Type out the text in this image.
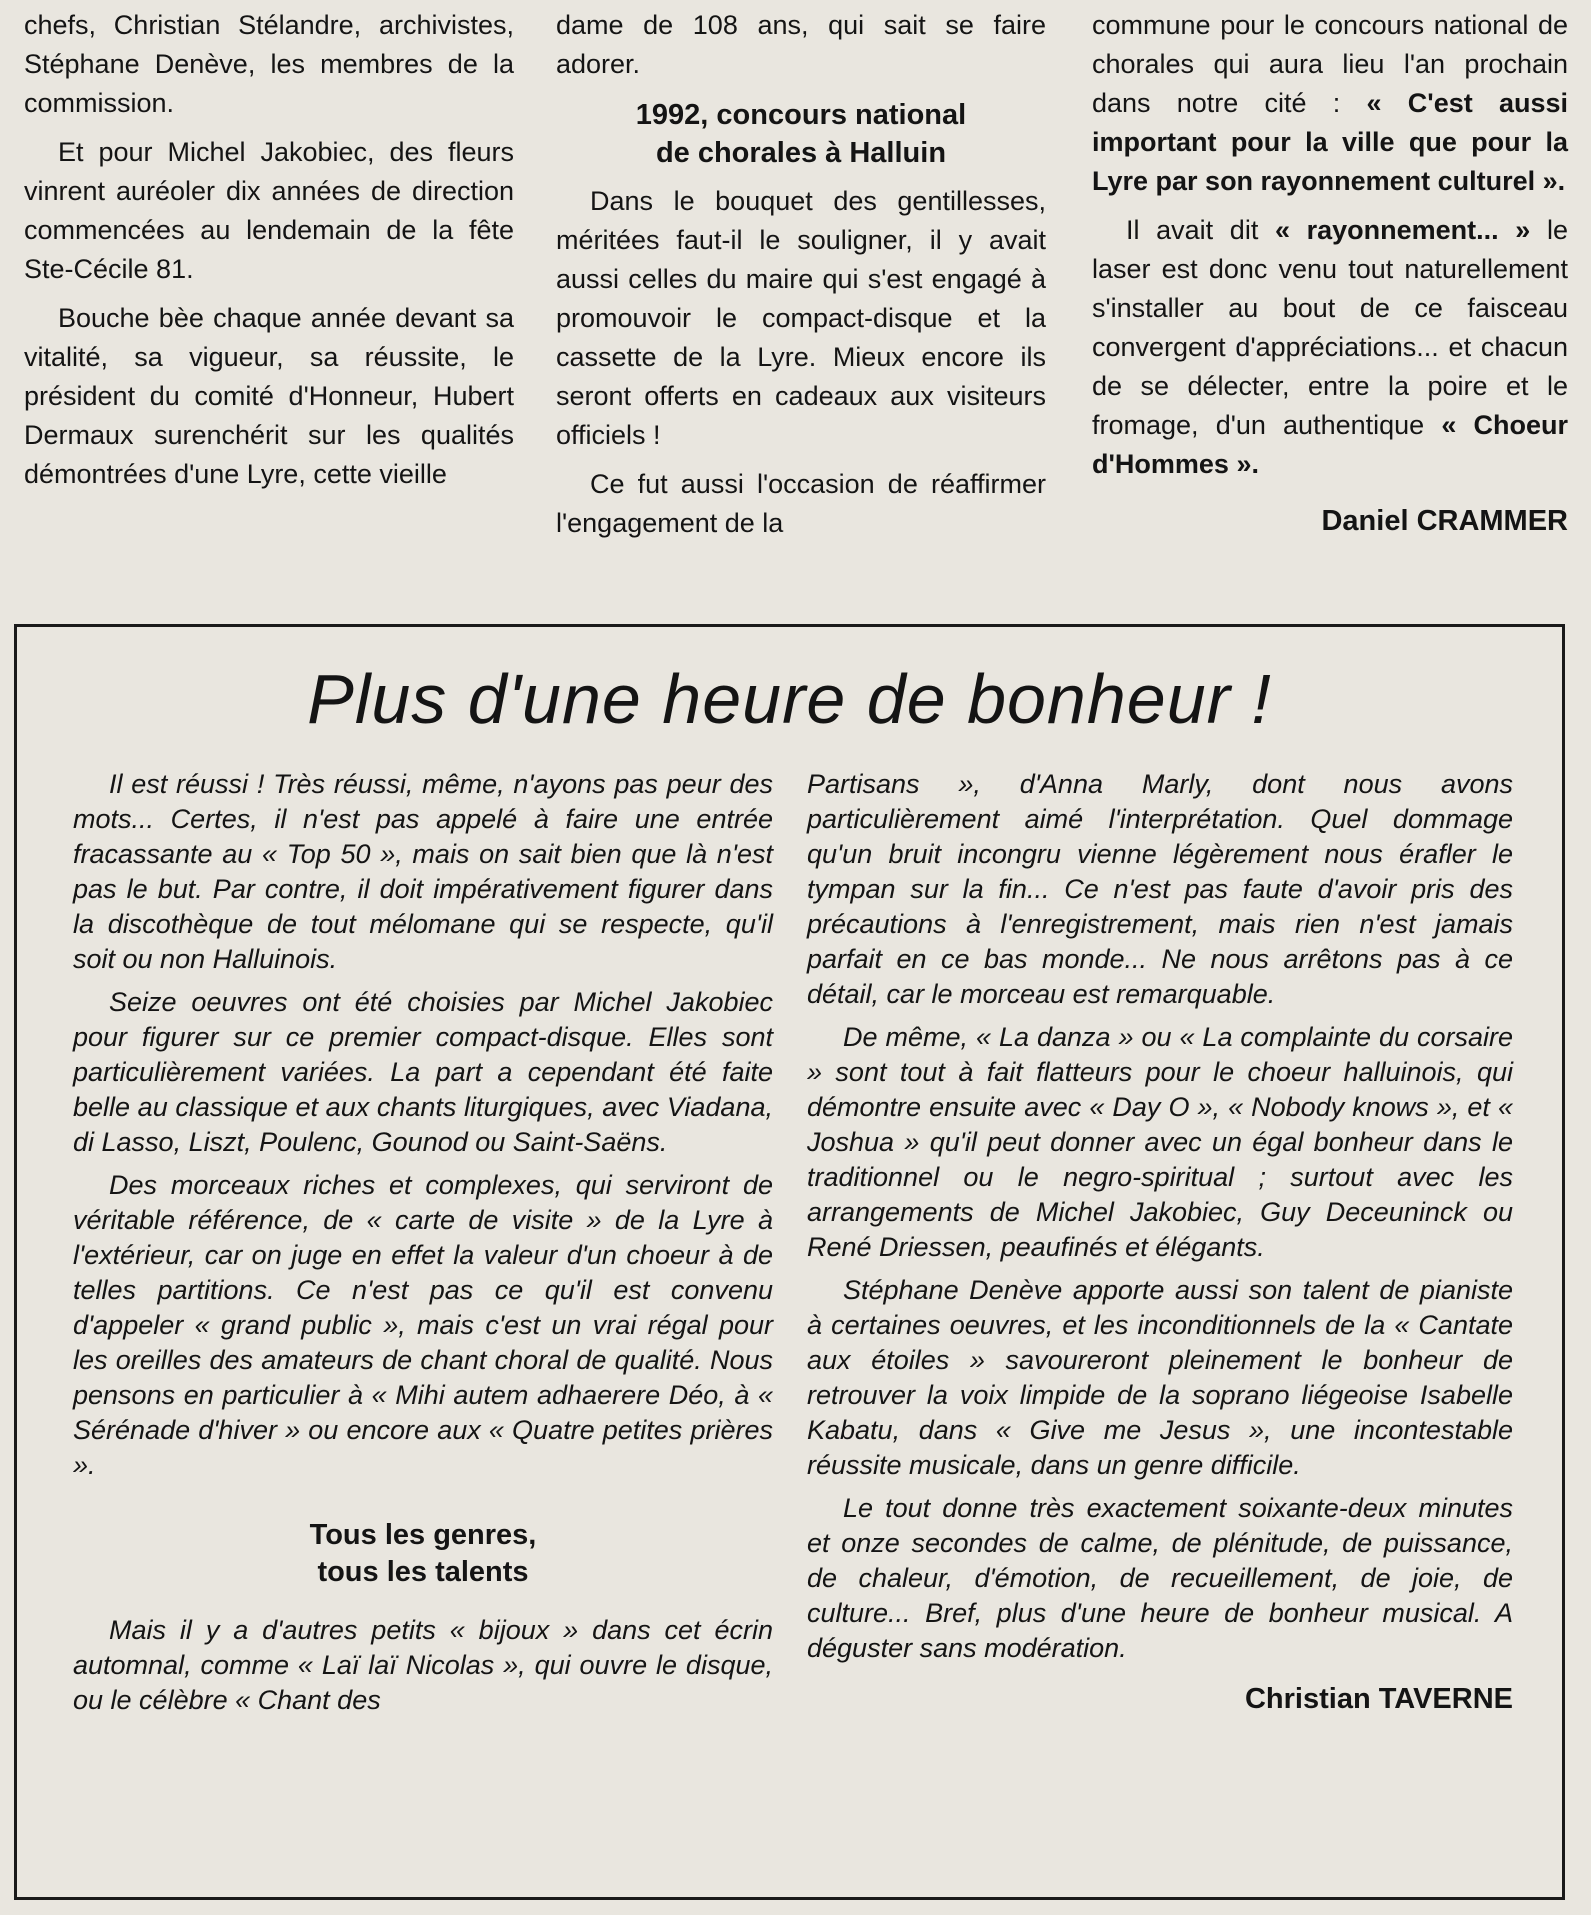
chefs, Christian Stélandre, archivistes, Stéphane Denève, les membres de la commission.

Et pour Michel Jakobiec, des fleurs vinrent auréoler dix années de direction commencées au lendemain de la fête Ste-Cécile 81.

Bouche bèe chaque année devant sa vitalité, sa vigueur, sa réussite, le président du comité d'Honneur, Hubert Dermaux surenchérit sur les qualités démontrées d'une Lyre, cette vieille

dame de 108 ans, qui sait se faire adorer.

1992, concours national
de chorales à Halluin

Dans le bouquet des gentillesses, méritées faut-il le souligner, il y avait aussi celles du maire qui s'est engagé à promouvoir le compact-disque et la cassette de la Lyre. Mieux encore ils seront offerts en cadeaux aux visiteurs officiels !

Ce fut aussi l'occasion de réaffirmer l'engagement de la

commune pour le concours national de chorales qui aura lieu l'an prochain dans notre cité : « C'est aussi important pour la ville que pour la Lyre par son rayonnement culturel ».

Il avait dit « rayonnement... » le laser est donc venu tout naturellement s'installer au bout de ce faisceau convergent d'appréciations... et chacun de se délecter, entre la poire et le fromage, d'un authentique « Choeur d'Hommes ».

Daniel CRAMMER
Plus d'une heure de bonheur !

Il est réussi ! Très réussi, même, n'ayons pas peur des mots... Certes, il n'est pas appelé à faire une entrée fracassante au « Top 50 », mais on sait bien que là n'est pas le but. Par contre, il doit impérativement figurer dans la discothèque de tout mélomane qui se respecte, qu'il soit ou non Halluinois.

Seize oeuvres ont été choisies par Michel Jakobiec pour figurer sur ce premier compact-disque. Elles sont particulièrement variées. La part a cependant été faite belle au classique et aux chants liturgiques, avec Viadana, di Lasso, Liszt, Poulenc, Gounod ou Saint-Saëns.

Des morceaux riches et complexes, qui serviront de véritable référence, de « carte de visite » de la Lyre à l'extérieur, car on juge en effet la valeur d'un choeur à de telles partitions. Ce n'est pas ce qu'il est convenu d'appeler « grand public », mais c'est un vrai régal pour les oreilles des amateurs de chant choral de qualité. Nous pensons en particulier à « Mihi autem adhaerere Déo, à « Sérénade d'hiver » ou encore aux « Quatre petites prières ».

Tous les genres,
tous les talents

Mais il y a d'autres petits « bijoux » dans cet écrin automnal, comme « Laï laï Nicolas », qui ouvre le disque, ou le célèbre « Chant des

Partisans », d'Anna Marly, dont nous avons particulièrement aimé l'interprétation. Quel dommage qu'un bruit incongru vienne légèrement nous érafler le tympan sur la fin... Ce n'est pas faute d'avoir pris des précautions à l'enregistrement, mais rien n'est jamais parfait en ce bas monde... Ne nous arrêtons pas à ce détail, car le morceau est remarquable.

De même, « La danza » ou « La complainte du corsaire » sont tout à fait flatteurs pour le choeur halluinois, qui démontre ensuite avec « Day O », « Nobody knows », et « Joshua » qu'il peut donner avec un égal bonheur dans le traditionnel ou le negro-spiritual ; surtout avec les arrangements de Michel Jakobiec, Guy Deceuninck ou René Driessen, peaufinés et élégants.

Stéphane Denève apporte aussi son talent de pianiste à certaines oeuvres, et les inconditionnels de la « Cantate aux étoiles » savoureront pleinement le bonheur de retrouver la voix limpide de la soprano liégeoise Isabelle Kabatu, dans « Give me Jesus », une incontestable réussite musicale, dans un genre difficile.

Le tout donne très exactement soixante-deux minutes et onze secondes de calme, de plénitude, de puissance, de chaleur, d'émotion, de recueillement, de joie, de culture... Bref, plus d'une heure de bonheur musical. A déguster sans modération.

Christian TAVERNE
